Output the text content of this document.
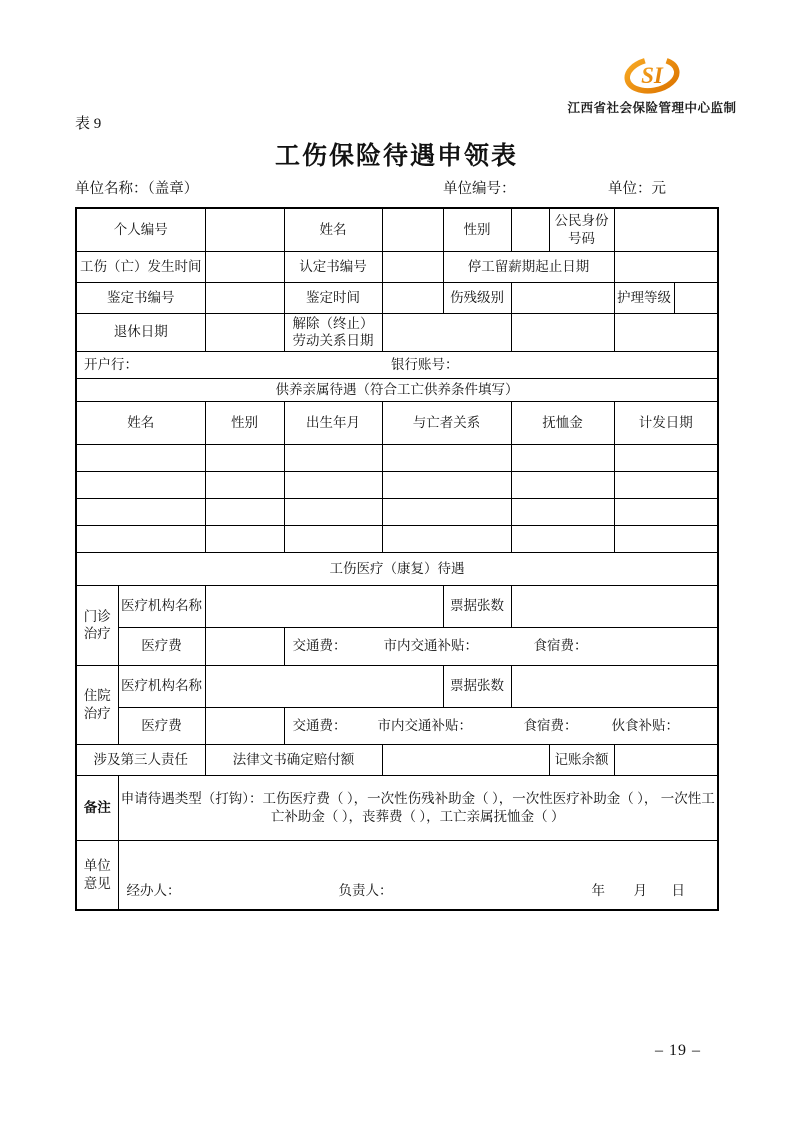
SI
江西省社会保险管理中心监制
表 9
工伤保险待遇申领表
单位名称：（盖章）	单位编号：	单位：元
个人编号			姓名		性别		公民身份号码		
工伤（亡）发生时间			认定书编号		停工留薪期起止日期				
鉴定书编号			鉴定时间		伤残级别			护理等级	
退休日期			解除（终止）劳动关系日期						

开户行： 银行账号：									

供养亲属待遇（符合工亡供养条件填写）									
姓名		性别	出生年月	与亡者关系		抚恤金		计发日期	

工伤医疗（康复）待遇									
门诊治疗	医疗机构名称				票据张数				
	医疗费		交通费： 市内交通补贴： 食宿费：						

住院治疗	医疗机构名称				票据张数				
	医疗费		交通费： 市内交通补贴： 食宿费： 伙食补贴：						

涉及第三人责任		法律文书确定赔付额					记账余额		
备注	申请待遇类型（打钩）：工伤医疗费（ ），一次性伤残补助金（ ），一次性医疗补助金（ ）， 一次性工亡补助金（ ），丧葬费（ ），工亡亲属抚恤金（ ）								
单位意见	经办人： 负责人： 年 月 日								
– 19 –
